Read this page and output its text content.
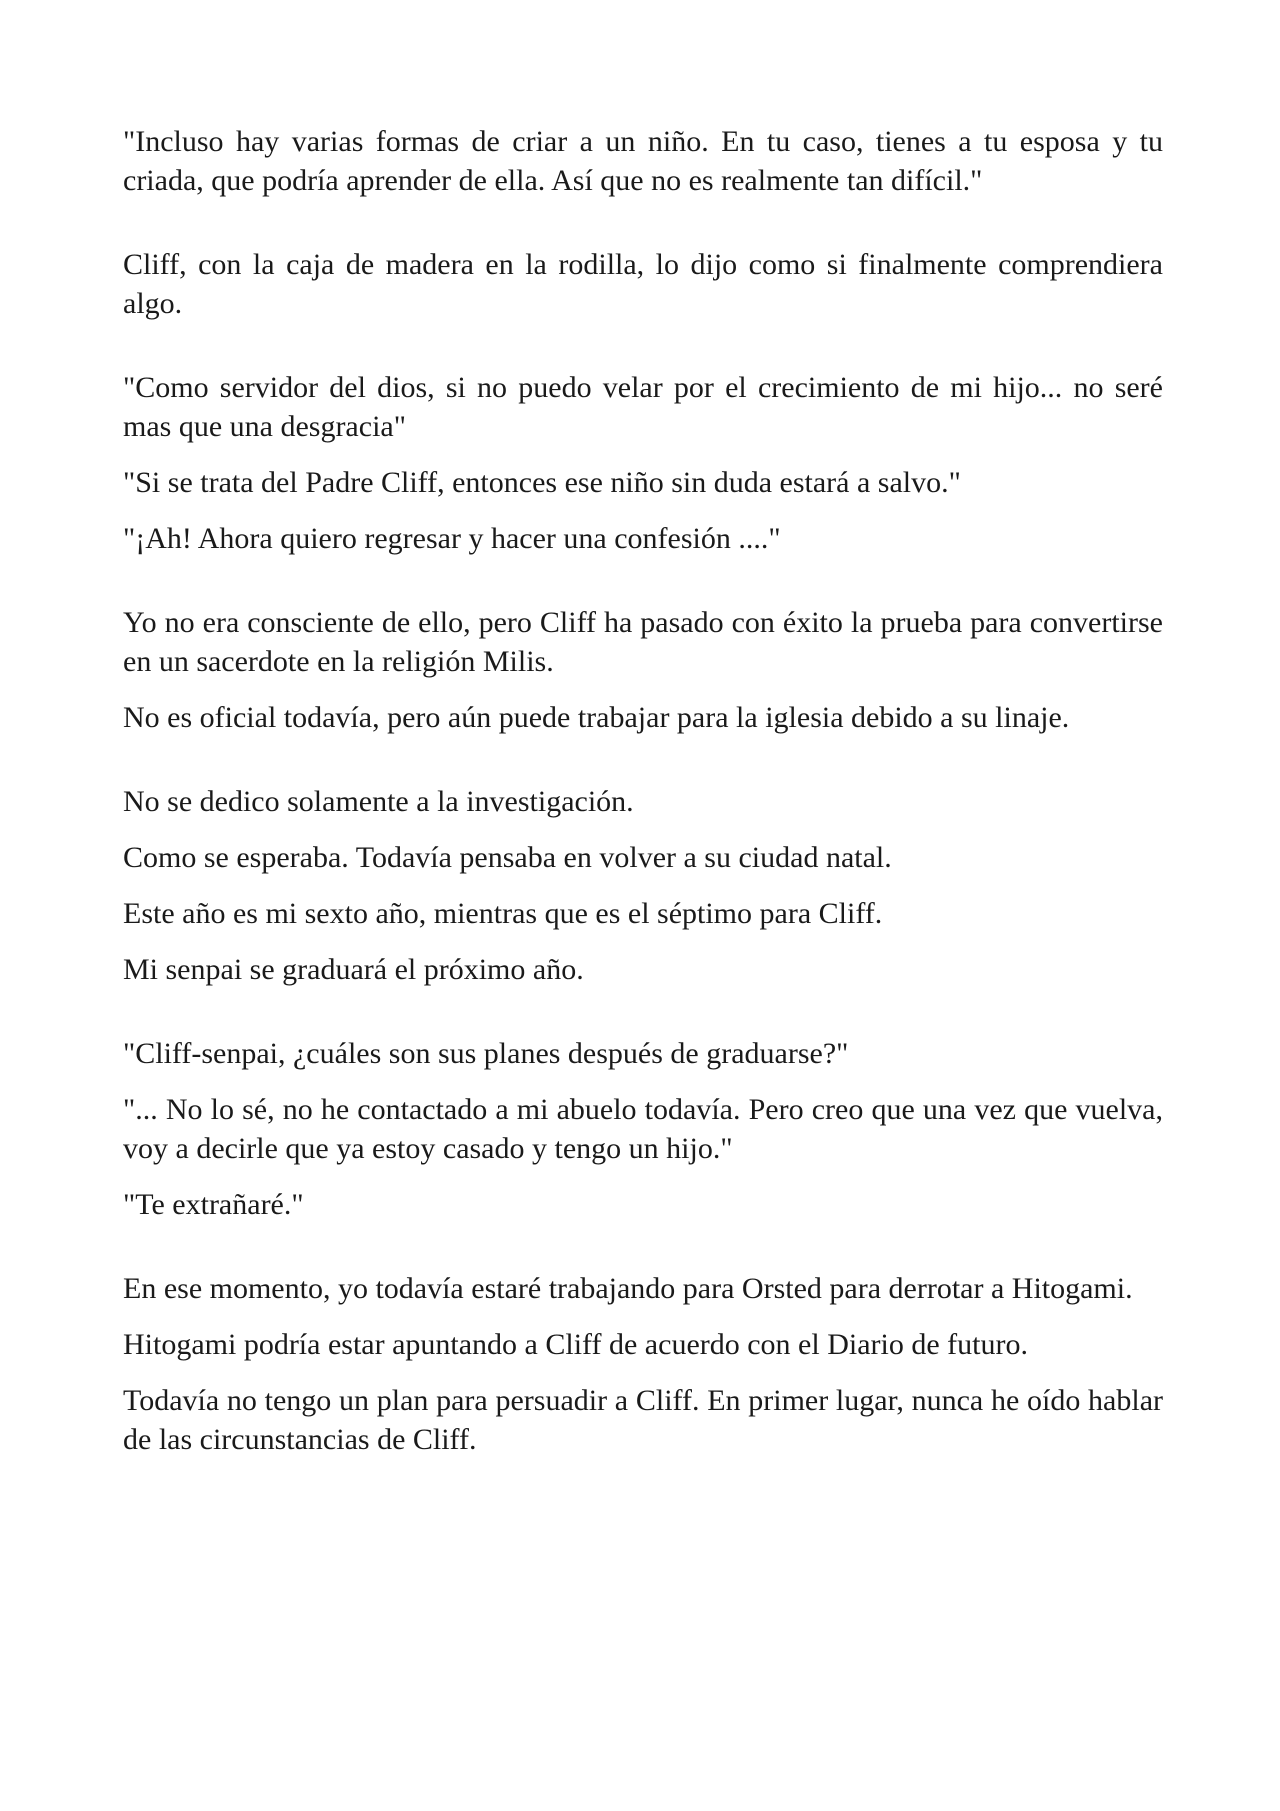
"Incluso hay varias formas de criar a un niño. En tu caso, tienes a tu esposa y tu criada, que podría aprender de ella. Así que no es realmente tan difícil."

Cliff, con la caja de madera en la rodilla, lo dijo como si finalmente comprendiera algo.

"Como servidor del dios, si no puedo velar por el crecimiento de mi hijo... no seré mas que una desgracia"

"Si se trata del Padre Cliff, entonces ese niño sin duda estará a salvo."

"¡Ah! Ahora quiero regresar y hacer una confesión ...."

Yo no era consciente de ello, pero Cliff ha pasado con éxito la prueba para convertirse en un sacerdote en la religión Milis.

No es oficial todavía, pero aún puede trabajar para la iglesia debido a su linaje.

No se dedico solamente a la investigación.

Como se esperaba. Todavía pensaba en volver a su ciudad natal.

Este año es mi sexto año, mientras que es el séptimo para Cliff.

Mi senpai se graduará el próximo año.

"Cliff-senpai, ¿cuáles son sus planes después de graduarse?"

"... No lo sé, no he contactado a mi abuelo todavía. Pero creo que una vez que vuelva, voy a decirle que ya estoy casado y tengo un hijo."

"Te extrañaré."

En ese momento, yo todavía estaré trabajando para Orsted para derrotar a Hitogami.

Hitogami podría estar apuntando a Cliff de acuerdo con el Diario de futuro.

Todavía no tengo un plan para persuadir a Cliff. En primer lugar, nunca he oído hablar de las circunstancias de Cliff.
